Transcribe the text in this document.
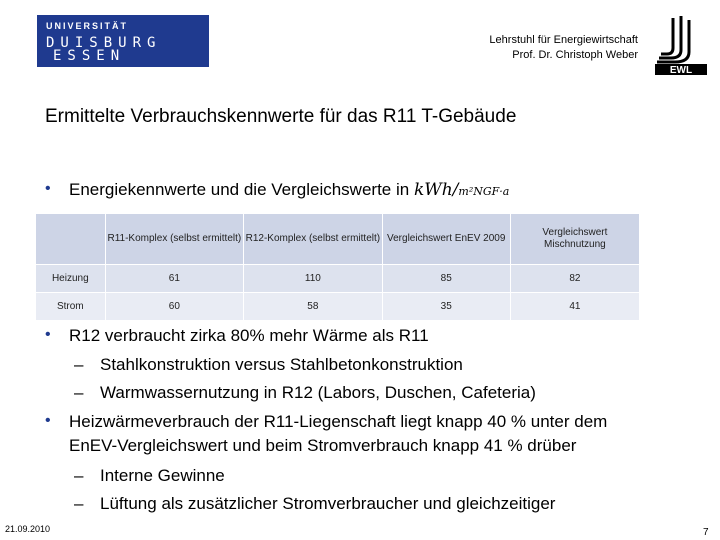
UNIVERSITÄT
DUISBURG
ESSEN
Lehrstuhl für Energiewirtschaft
Prof. Dr. Christoph Weber
EWL
Ermittelte Verbrauchskennwerte für das R11 T-Gebäude
• Energiekennwerte und die Vergleichswerte in kWh/m²NGF·a
	R11-Komplex (selbst ermittelt)	R12-Komplex (selbst ermittelt)	Vergleichswert EnEV 2009	Vergleichswert Mischnutzung
Heizung	61	110	85	82
Strom	60	58	35	41
• R12 verbraucht zirka 80% mehr Wärme als R11
– Stahlkonstruktion versus Stahlbetonkonstruktion
– Warmwassernutzung in R12 (Labors, Duschen, Cafeteria)
• Heizwärmeverbrauch der R11-Liegenschaft liegt knapp 40 % unter dem
EnEV-Vergleichswert und beim Stromverbrauch knapp 41 % drüber
– Interne Gewinne
– Lüftung als zusätzlicher Stromverbraucher und gleichzeitiger
21.09.2010	7
